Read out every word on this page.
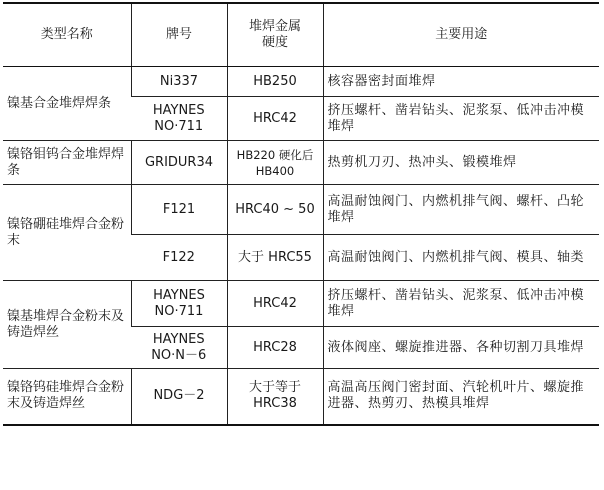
类型名称	牌号	堆焊金属硬度	主要用途
镍基合金堆焊焊条	Ni337	HB250	核容器密封面堆焊
	HAYNES NO·711	HRC42	挤压螺杆、凿岩钻头、泥浆泵、低冲击冲模堆焊
镍铬钼钨合金堆焊焊条	GRIDUR34	HB220 硬化后 HB400	热剪机刀刃、热冲头、锻模堆焊
镍铬硼硅堆焊合金粉末	F121	HRC40 ~ 50	高温耐蚀阀门、内燃机排气阀、螺杆、凸轮堆焊
	F122	大于 HRC55	高温耐蚀阀门、内燃机排气阀、模具、轴类
镍基堆焊合金粉末及铸造焊丝	HAYNES NO·711	HRC42	挤压螺杆、凿岩钻头、泥浆泵、低冲击冲模堆焊
	HAYNES NO·N－6	HRC28	液体阀座、螺旋推进器、各种切割刀具堆焊
镍铬钨硅堆焊合金粉末及铸造焊丝	NDG－2	大于等于 HRC38	高温高压阀门密封面、汽轮机叶片、螺旋推进器、热剪刃、热模具堆焊
